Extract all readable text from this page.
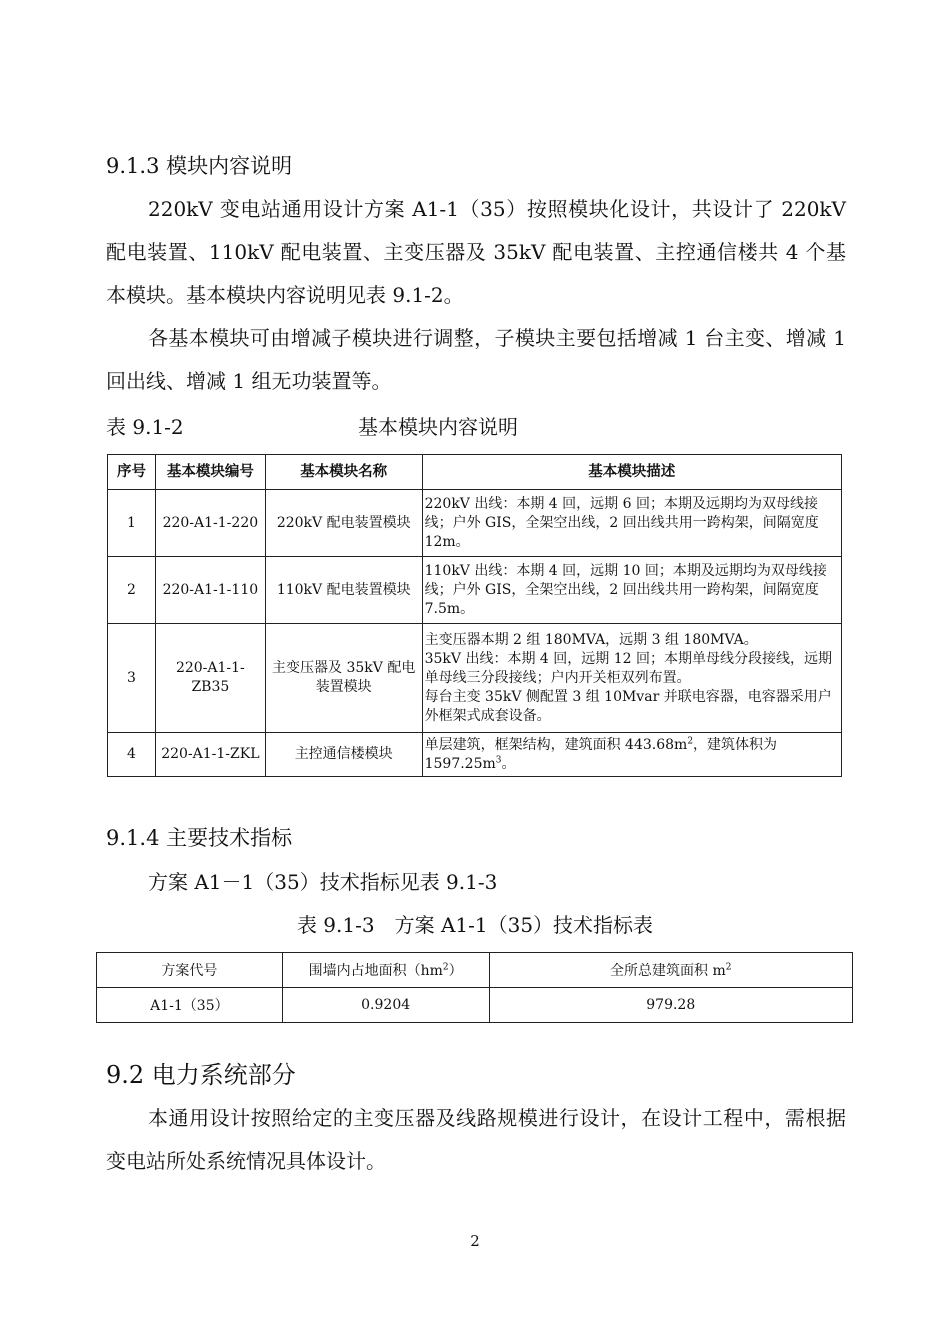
9.1.3 模块内容说明

220kV 变电站通用设计方案 A1-1（35）按照模块化设计，共设计了 220kV 配电装置、110kV 配电装置、主变压器及 35kV 配电装置、主控通信楼共 4 个基本模块。基本模块内容说明见表 9.1-2。

各基本模块可由增减子模块进行调整，子模块主要包括增减 1 台主变、增减 1 回出线、增减 1 组无功装置等。

表 9.1-2	基本模块内容说明
序号	基本模块编号	基本模块名称	基本模块描述
1	220-A1-1-220	220kV 配电装置模块	220kV 出线：本期 4 回，远期 6 回；本期及远期均为双母线接线；户外 GIS，全架空出线，2 回出线共用一跨构架，间隔宽度 12m。
2	220-A1-1-110	110kV 配电装置模块	110kV 出线：本期 4 回，远期 10 回；本期及远期均为双母线接线；户外 GIS，全架空出线，2 回出线共用一跨构架，间隔宽度 7.5m。
3	220-A1-1-ZB35	主变压器及 35kV 配电装置模块	主变压器本期 2 组 180MVA，远期 3 组 180MVA。
35kV 出线：本期 4 回，远期 12 回；本期单母线分段接线，远期单母线三分段接线；户内开关柜双列布置。
每台主变 35kV 侧配置 3 组 10Mvar 并联电容器，电容器采用户外框架式成套设备。

4	220-A1-1-ZKL	主控通信楼模块	单层建筑，框架结构，建筑面积 $443.68m^2$，建筑体积为 $1597.25m^3$。
9.1.4 主要技术指标
方案 A1－1（35）技术指标见表 9.1-3
表 9.1-3　方案 A1-1（35）技术指标表
方案代号	围墙内占地面积$(hm^2)$	全所总建筑面积 $m^2$
A1-1（35）	0.9204	979.28
9.2 电力系统部分

本通用设计按照给定的主变压器及线路规模进行设计，在设计工程中，需根据变电站所处系统情况具体设计。

2
